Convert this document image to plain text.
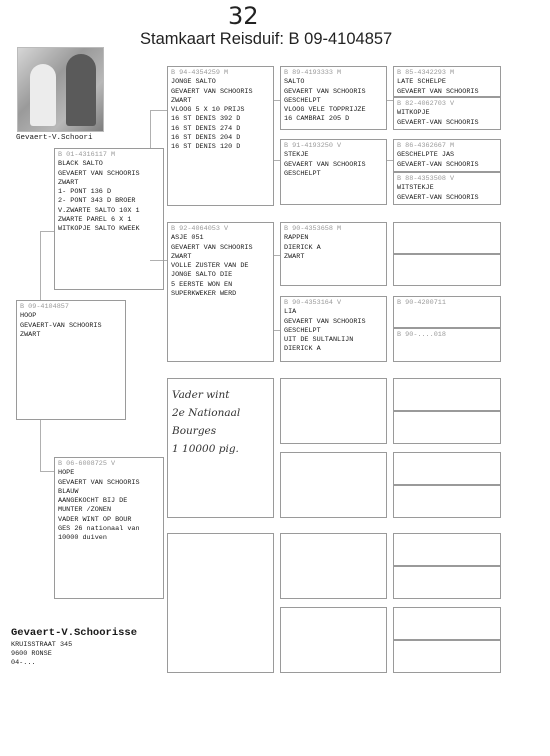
32
Stamkaart Reisduif: B 09-4104857
Gevaert-V.Schoori
B 01-4316117 M
BLACK SALTO
GEVAERT VAN SCHOORIS
ZWART
1- PONT 136 D
2- PONT 343 D BROER
V.ZWARTE SALTO 10X 1
ZWARTE PAREL 6 X 1
WITKOPJE SALTO KWEEK
B 09-4104857
HOOP
GEVAERT-VAN SCHOORIS
ZWART
B 06-6008725 V
HOPE
GEVAERT VAN SCHOORIS
BLAUW
AANGEKOCHT BIJ DE
MUNTER /ZONEN
VADER WINT OP BOUR
GES 26 nationaal van
10000 duiven
B 94-4354259 M
JONGE SALTO
GEVAERT VAN SCHOORIS
ZWART
VLOOG 5 X 10 PRIJS
16 ST DENIS 392 D
16 ST DENIS 274 D
16 ST DENIS 204 D
16 ST DENIS 120 D
B 92-4064053 V
ASJE 051
GEVAERT VAN SCHOORIS
ZWART
VOLLE ZUSTER VAN DE
JONGE SALTO DIE
5 EERSTE WON EN
SUPERKWEKER WERD
Vader wint
2e Nationaal
Bourges
1 10000 pig.
B 89-4193333 M
SALTO
GEVAERT VAN SCHOORIS
GESCHELPT
VLOOG VELE TOPPRIJZE
16 CAMBRAI 205 D
B 91-4193250 V
STEKJE
GEVAERT VAN SCHOORIS
GESCHELPT
B 90-4353658 M
RAPPEN
DIERICK A
ZWART
B 90-4353164 V
LIA
GEVAERT VAN SCHOORIS
GESCHELPT
UIT DE SULTANLIJN
DIERICK A
B 85-4342293 M
LATE SCHELPE
GEVAERT VAN SCHOORIS
B 82-4062703 V
WITKOPJE
GEVAERT-VAN SCHOORIS
B 86-4362667 M
GESCHELPTE JAS
GEVAERT-VAN SCHOORIS
B 88-4353508 V
WITSTEKJE
GEVAERT-VAN SCHOORIS
B 90-4200711
B 90-....018
Gevaert-V.Schoorisse
KRUISSTRAAT 345
9600 RONSE
04-...
